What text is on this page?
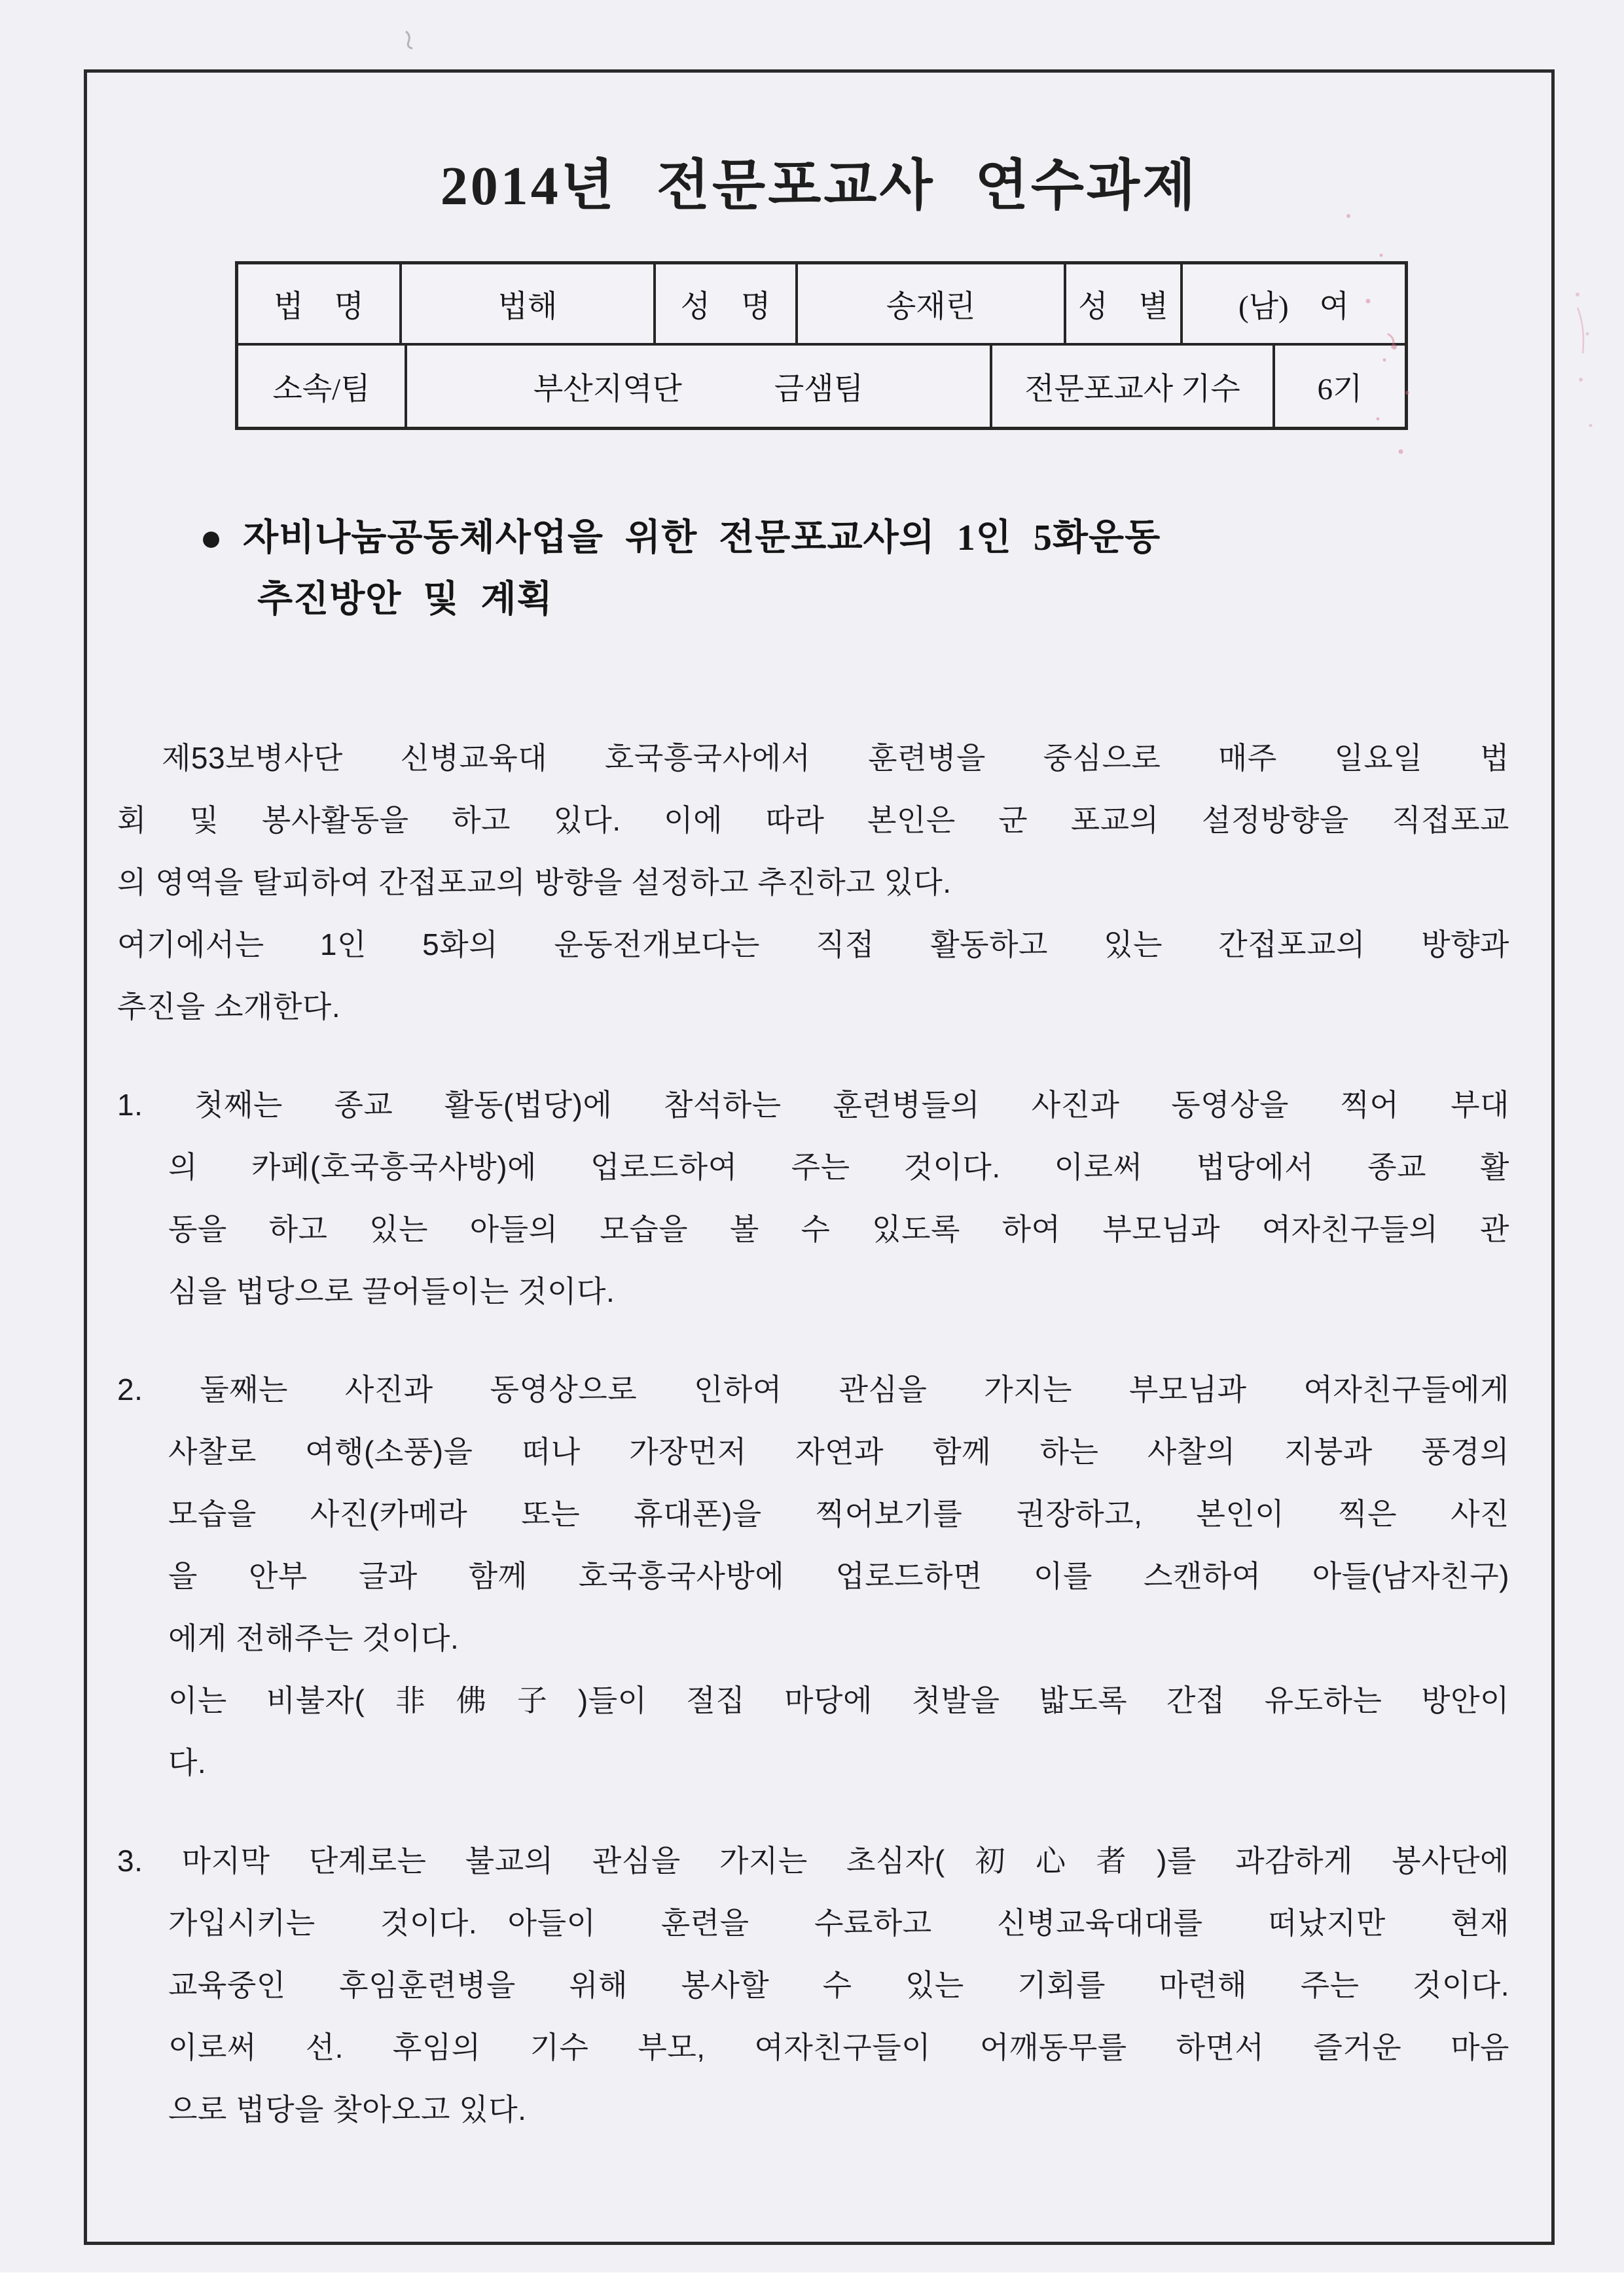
2014년 전문포교사 연수과제
법 명	법해	성 명	송재린	성 별	(남) 여
소속/팀	부산지역단   금샘팀	전문포교사 기수	6기
● 자비나눔공동체사업을 위한 전문포교사의 1인 5화운동
추진방안 및 계획
제53보병사단 신병교육대 호국흥국사에서 훈련병을 중심으로 매주 일요일 법
회 및 봉사활동을 하고 있다. 이에 따라 본인은 군 포교의 설정방향을 직접포교
의 영역을 탈피하여 간접포교의 방향을 설정하고 추진하고 있다.
여기에서는 1인 5화의 운동전개보다는 직접 활동하고 있는 간접포교의 방향과
추진을 소개한다.
1. 첫째는 종교 활동(법당)에 참석하는 훈련병들의 사진과 동영상을 찍어 부대
의 카페(호국흥국사방)에 업로드하여 주는 것이다. 이로써 법당에서 종교 활
동을 하고 있는 아들의 모습을 볼 수 있도록 하여 부모님과 여자친구들의 관
심을 법당으로 끌어들이는 것이다.
2. 둘째는 사진과 동영상으로 인하여 관심을 가지는 부모님과 여자친구들에게
사찰로 여행(소풍)을 떠나 가장먼저 자연과 함께 하는 사찰의 지붕과 풍경의
모습을 사진(카메라 또는 휴대폰)을 찍어보기를 권장하고, 본인이 찍은 사진
을 안부 글과 함께 호국흥국사방에 업로드하면 이를 스캔하여 아들(남자친구)
에게 전해주는 것이다.
이는 비불자(非佛子)들이 절집 마당에 첫발을 밟도록 간접 유도하는 방안이
다.
3. 마지막 단계로는 불교의 관심을 가지는 초심자(初心者)를 과감하게 봉사단에
가입시키는 것이다. 아들이 훈련을 수료하고 신병교육대대를 떠났지만 현재
교육중인 후임훈련병을 위해 봉사할 수 있는 기회를 마련해 주는 것이다.
이로써 선. 후임의 기수 부모, 여자친구들이 어깨동무를 하면서 즐거운 마음
으로 법당을 찾아오고 있다.
